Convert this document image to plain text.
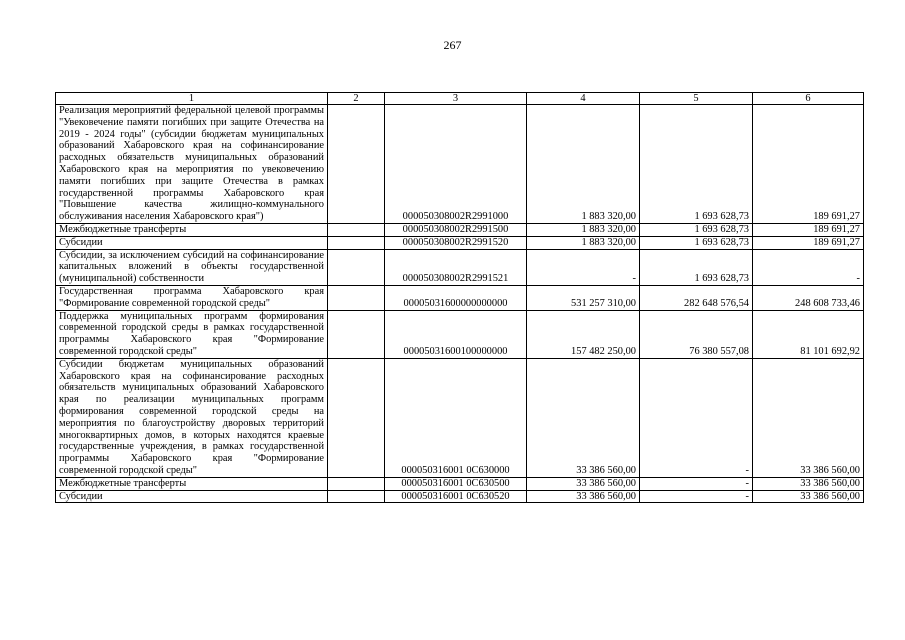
267
1	2	3	4	5	6
Реализация мероприятий федеральной целевой программы "Увековечение памяти погибших при защите Отечества на 2019 - 2024 годы" (субсидии бюджетам муниципальных образований Хабаровского края на софинансирование расходных обязательств муниципальных образований Хабаровского края на мероприятия по увековечению памяти погибших при защите Отечества в рамках государственной программы Хабаровского края "Повышение качества жилищно-коммунального обслуживания населения Хабаровского края")		000050308002R2991000	1 883 320,00	1 693 628,73	189 691,27
Межбюджетные трансферты		000050308002R2991500	1 883 320,00	1 693 628,73	189 691,27
Субсидии		000050308002R2991520	1 883 320,00	1 693 628,73	189 691,27
Субсидии, за исключением субсидий на софинансирование капитальных вложений в объекты государственной (муниципальной) собственности		000050308002R2991521	-	1 693 628,73	-
Государственная программа Хабаровского края "Формирование современной городской среды"		00005031600000000000	531 257 310,00	282 648 576,54	248 608 733,46
Поддержка муниципальных программ формирования современной городской среды в рамках государственной программы Хабаровского края "Формирование современной городской среды"		00005031600100000000	157 482 250,00	76 380 557,08	81 101 692,92
Субсидии бюджетам муниципальных образований Хабаровского края на софинансирование расходных обязательств муниципальных образований Хабаровского края по реализации муниципальных программ формирования современной городской среды на мероприятия по благоустройству дворовых территорий многоквартирных домов, в которых находятся краевые государственные учреждения, в рамках государственной программы Хабаровского края "Формирование современной городской среды"		000050316001 0C630000	33 386 560,00	-	33 386 560,00
Межбюджетные трансферты		000050316001 0C630500	33 386 560,00	-	33 386 560,00
Субсидии		000050316001 0C630520	33 386 560,00	-	33 386 560,00
